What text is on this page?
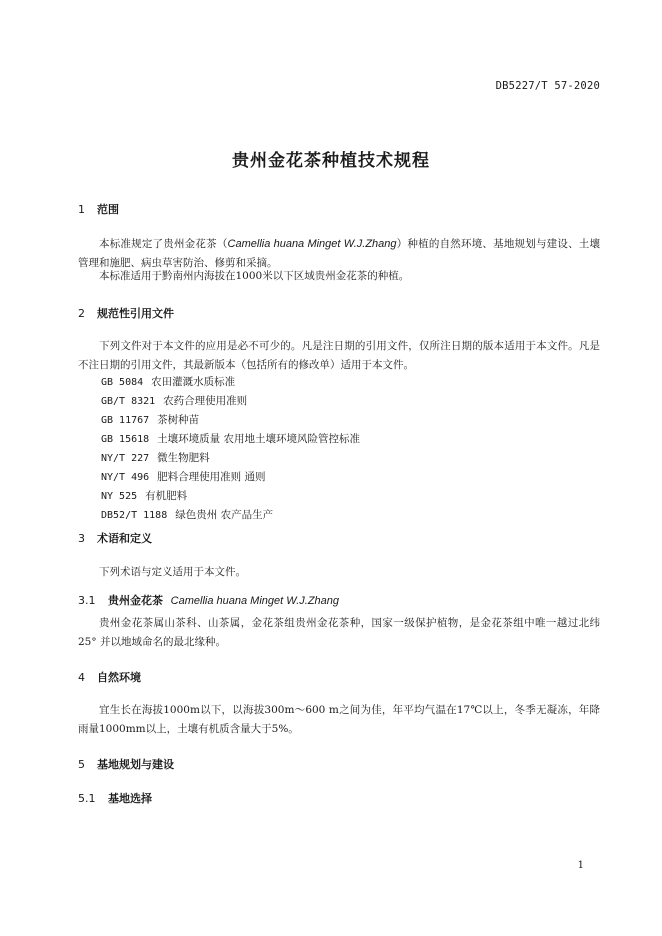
DB5227/T 57-2020
贵州金花茶种植技术规程
1 范围
本标准规定了贵州金花茶（Camellia huana Minget W.J.Zhang）种植的自然环境、基地规划与建设、土壤管理和施肥、病虫草害防治、修剪和采摘。
本标准适用于黔南州内海拔在1000米以下区域贵州金花茶的种植。
2 规范性引用文件
下列文件对于本文件的应用是必不可少的。凡是注日期的引用文件，仅所注日期的版本适用于本文件。凡是不注日期的引用文件，其最新版本（包括所有的修改单）适用于本文件。
GB 5084 农田灌溉水质标准
GB/T 8321 农药合理使用准则
GB 11767 茶树种苗
GB 15618 土壤环境质量 农用地土壤环境风险管控标准
NY/T 227 微生物肥料
NY/T 496 肥料合理使用准则 通则
NY 525 有机肥料
DB52/T 1188 绿色贵州 农产品生产
3 术语和定义
下列术语与定义适用于本文件。
3.1 贵州金花茶 Camellia huana Minget W.J.Zhang
贵州金花茶属山茶科、山茶属，金花茶组贵州金花茶种，国家一级保护植物，是金花茶组中唯一越过北纬25° 并以地域命名的最北缘种。
4 自然环境
宜生长在海拔1000m以下，以海拔300m～600 m之间为佳，年平均气温在17℃以上，冬季无凝冻，年降雨量1000mm以上，土壤有机质含量大于5%。
5 基地规划与建设
5.1 基地选择
1
